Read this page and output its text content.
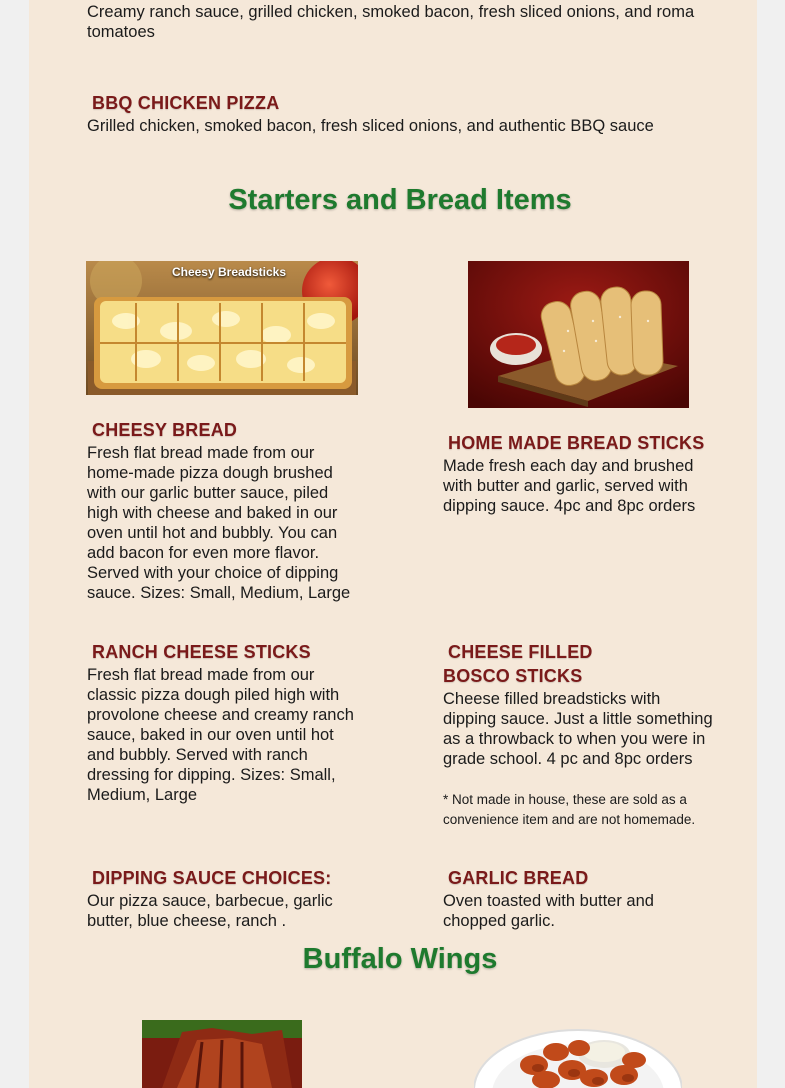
Creamy ranch sauce, grilled chicken, smoked bacon, fresh sliced onions, and roma tomatoes
BBQ CHICKEN PIZZA
Grilled chicken, smoked bacon, fresh sliced onions, and authentic BBQ sauce
Starters and Bread Items
Cheesy Breadsticks
CHEESY BREAD
Fresh flat bread made from our home-made pizza dough brushed with our garlic butter sauce, piled high with cheese and baked in our oven until hot and bubbly. You can add bacon for even more flavor. Served with your choice of dipping sauce. Sizes: Small, Medium, Large
HOME MADE BREAD STICKS
Made fresh each day and brushed with butter and garlic, served with dipping sauce. 4pc and 8pc orders
RANCH CHEESE STICKS
Fresh flat bread made from our classic pizza dough piled high with provolone cheese and creamy ranch sauce, baked in our oven until hot and bubbly. Served with ranch dressing for dipping. Sizes: Small, Medium, Large
CHEESE FILLED BOSCO STICKS
Cheese filled breadsticks with dipping sauce. Just a little something as a throwback to when you were in grade school. 4 pc and 8pc orders
* Not made in house, these are sold as a convenience item and are not homemade.
DIPPING SAUCE CHOICES:
Our pizza sauce, barbecue, garlic butter, blue cheese, ranch .
GARLIC BREAD
Oven toasted with butter and chopped garlic.
Buffalo Wings
